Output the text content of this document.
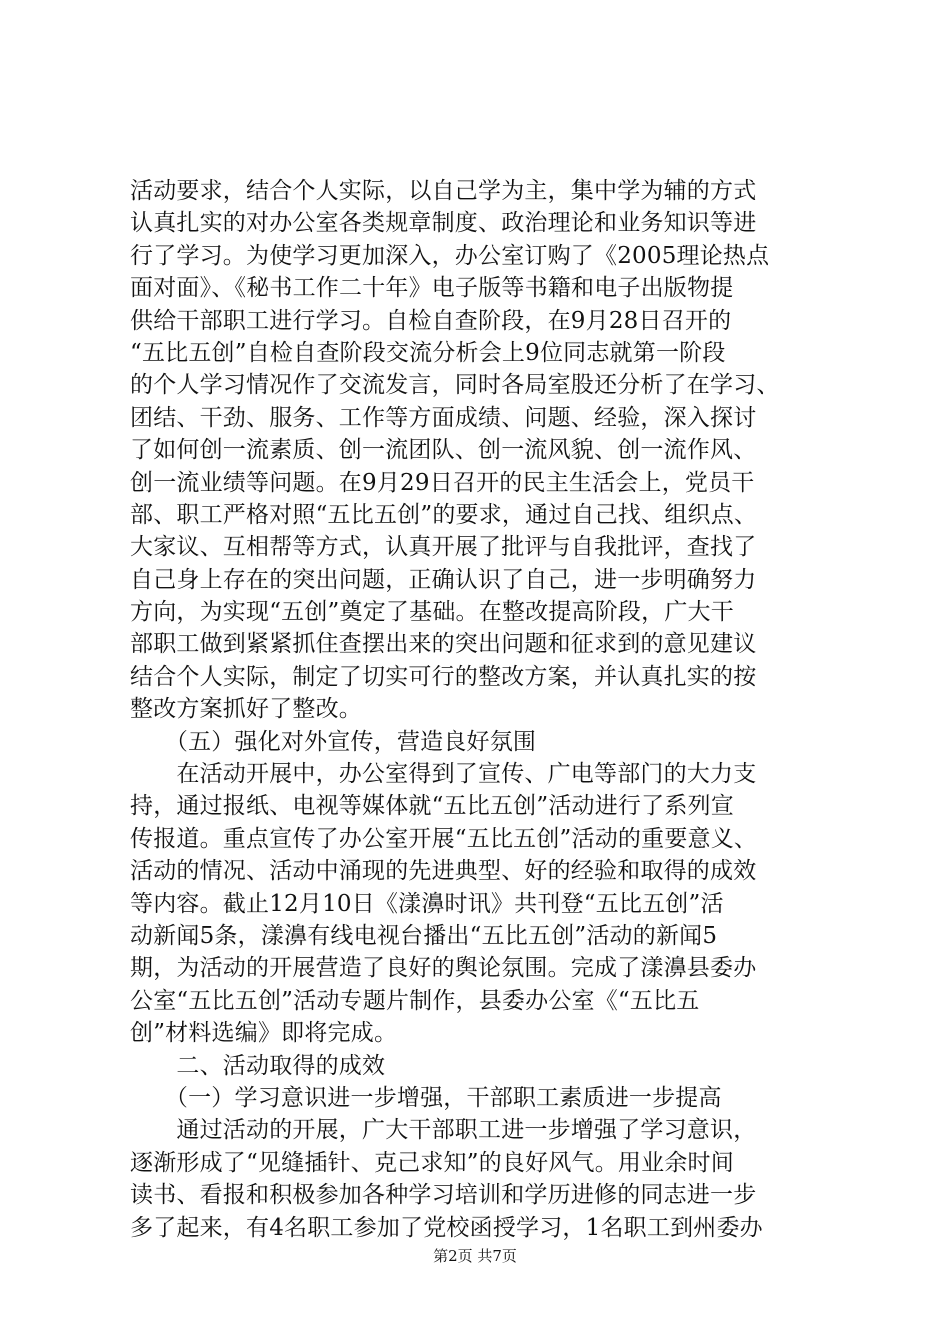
活动要求，结合个人实际，以自己学为主，集中学为辅的方式
认真扎实的对办公室各类规章制度、政治理论和业务知识等进
行了学习。为使学习更加深入，办公室订购了《2005理论热点
面对面》、《秘书工作二十年》电子版等书籍和电子出版物提
供给干部职工进行学习。自检自查阶段，在9月28日召开的
“五比五创”自检自查阶段交流分析会上9位同志就第一阶段
的个人学习情况作了交流发言，同时各局室股还分析了在学习、
团结、干劲、服务、工作等方面成绩、问题、经验，深入探讨
了如何创一流素质、创一流团队、创一流风貌、创一流作风、
创一流业绩等问题。在9月29日召开的民主生活会上，党员干
部、职工严格对照“五比五创”的要求，通过自己找、组织点、
大家议、互相帮等方式，认真开展了批评与自我批评，查找了
自己身上存在的突出问题，正确认识了自己，进一步明确努力
方向，为实现“五创”奠定了基础。在整改提高阶段，广大干
部职工做到紧紧抓住查摆出来的突出问题和征求到的意见建议
结合个人实际，制定了切实可行的整改方案，并认真扎实的按
整改方案抓好了整改。
　　（五）强化对外宣传，营造良好氛围
　　在活动开展中，办公室得到了宣传、广电等部门的大力支
持，通过报纸、电视等媒体就“五比五创”活动进行了系列宣
传报道。重点宣传了办公室开展“五比五创”活动的重要意义、
活动的情况、活动中涌现的先进典型、好的经验和取得的成效
等内容。截止12月10日《漾濞时讯》共刊登“五比五创”活
动新闻5条，漾濞有线电视台播出“五比五创”活动的新闻5
期，为活动的开展营造了良好的舆论氛围。完成了漾濞县委办
公室“五比五创”活动专题片制作，县委办公室《“五比五
创”材料选编》即将完成。
　　二、活动取得的成效
　　（一）学习意识进一步增强，干部职工素质进一步提高
　　通过活动的开展，广大干部职工进一步增强了学习意识，
逐渐形成了“见缝插针、克己求知”的良好风气。用业余时间
读书、看报和积极参加各种学习培训和学历进修的同志进一步
多了起来，有4名职工参加了党校函授学习，1名职工到州委办
第2页 共7页
